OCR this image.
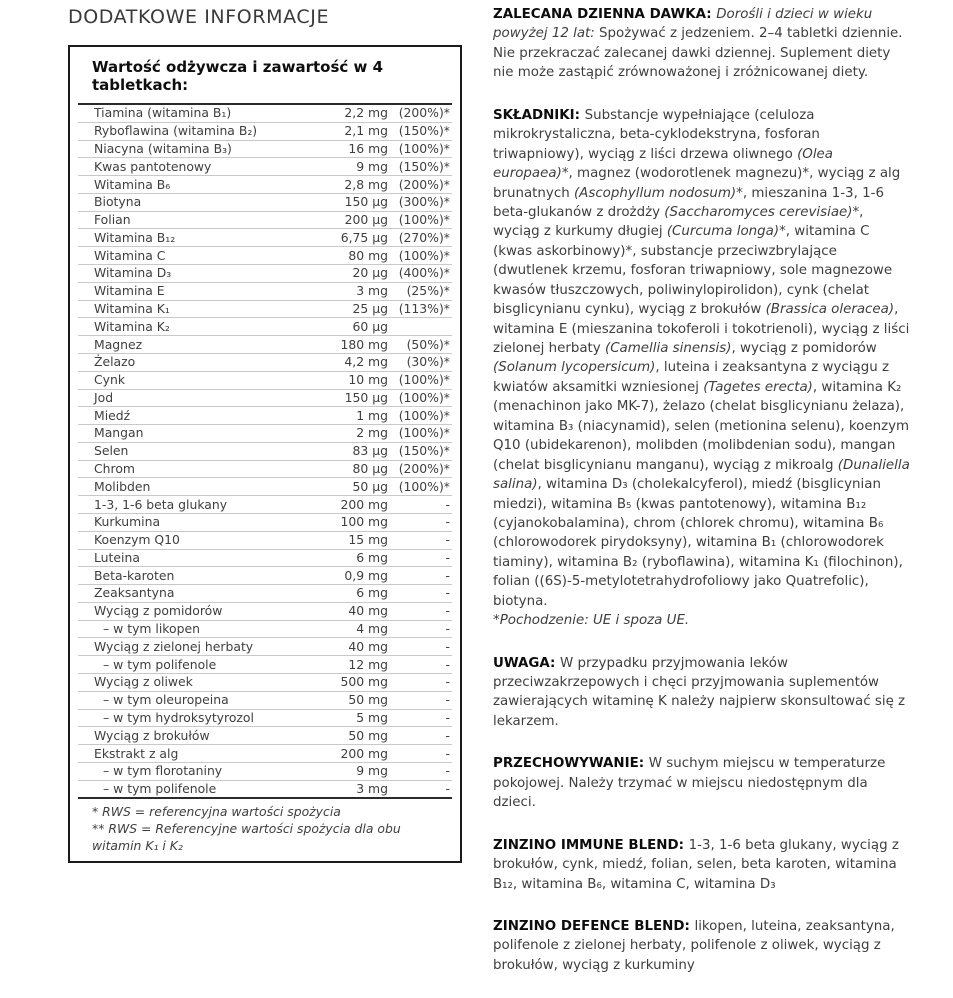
DODATKOWE INFORMACJE
Wartość odżywcza i zawartość w 4 tabletkach:		
Tiamina (witamina B₁)	2,2 mg	(200%)*
Ryboflawina (witamina B₂)	2,1 mg	(150%)*
Niacyna (witamina B₃)	16 mg	(100%)*
Kwas pantotenowy	9 mg	(150%)*
Witamina B₆	2,8 mg	(200%)*
Biotyna	150 µg	(300%)*
Folian	200 µg	(100%)*
Witamina B₁₂	6,75 µg	(270%)*
Witamina C	80 mg	(100%)*
Witamina D₃	20 µg	(400%)*
Witamina E	3 mg	(25%)*
Witamina K₁	25 µg	(113%)*
Witamina K₂	60 µg	
Magnez	180 mg	(50%)*
Żelazo	4,2 mg	(30%)*
Cynk	10 mg	(100%)*
Jod	150 µg	(100%)*
Miedź	1 mg	(100%)*
Mangan	2 mg	(100%)*
Selen	83 µg	(150%)*
Chrom	80 µg	(200%)*
Molibden	50 µg	(100%)*
1-3, 1-6 beta glukany	200 mg	-
Kurkumina	100 mg	-
Koenzym Q10	15 mg	-
Luteina	6 mg	-
Beta-karoten	0,9 mg	-
Zeaksantyna	6 mg	-
Wyciąg z pomidorów	40 mg	-
– w tym likopen	4 mg	-
Wyciąg z zielonej herbaty	40 mg	-
– w tym polifenole	12 mg	-
Wyciąg z oliwek	500 mg	-
– w tym oleuropeina	50 mg	-
– w tym hydroksytyrozol	5 mg	-
Wyciąg z brokułów	50 mg	-
Ekstrakt z alg	200 mg	-
– w tym florotaniny	9 mg	-
– w tym polifenole	3 mg	-
* RWS = referencyjna wartości spożycia
** RWS = Referencyjne wartości spożycia dla obu witamin K₁ i K₂

ZALECANA DZIENNA DAWKA: Dorośli i dzieci w wieku powyżej 12 lat: Spożywać z jedzeniem. 2–4 tabletki dziennie. Nie przekraczać zalecanej dawki dziennej. Suplement diety nie może zastąpić zrównoważonej i zróżnicowanej diety.

SKŁADNIKI: Substancje wypełniające (celuloza mikrokrystaliczna, beta-cyklodekstryna, fosforan triwapniowy), wyciąg z liści drzewa oliwnego (Olea europaea)*, magnez (wodorotlenek magnezu)*, wyciąg z alg brunatnych (Ascophyllum nodosum)*, mieszanina 1-3, 1-6 beta-glukanów z drożdży (Saccharomyces cerevisiae)*, wyciąg z kurkumy długiej (Curcuma longa)*, witamina C (kwas askorbinowy)*, substancje przeciwzbrylające (dwutlenek krzemu, fosforan triwapniowy, sole magnezowe kwasów tłuszczowych, poliwinylopirolidon), cynk (chelat bisglicynianu cynku), wyciąg z brokułów (Brassica oleracea), witamina E (mieszanina tokoferoli i tokotrienoli), wyciąg z liści zielonej herbaty (Camellia sinensis), wyciąg z pomidorów (Solanum lycopersicum), luteina i zeaksantyna z wyciągu z kwiatów aksamitki wzniesionej (Tagetes erecta), witamina K₂ (menachinon jako MK-7), żelazo (chelat bisglicynianu żelaza), witamina B₃ (niacynamid), selen (metionina selenu), koenzym Q10 (ubidekarenon), molibden (molibdenian sodu), mangan (chelat bisglicynianu manganu), wyciąg z mikroalg (Dunaliella salina), witamina D₃ (cholekalcyferol), miedź (bisglicynian miedzi), witamina B₅ (kwas pantotenowy), witamina B₁₂ (cyjanokobalamina), chrom (chlorek chromu), witamina B₆ (chlorowodorek pirydoksyny), witamina B₁ (chlorowodorek tiaminy), witamina B₂ (ryboflawina), witamina K₁ (filochinon), folian ((6S)-5-metylotetrahydrofoliowy jako Quatrefolic), biotyna.

*Pochodzenie: UE i spoza UE.

UWAGA: W przypadku przyjmowania leków przeciwzakrzepowych i chęci przyjmowania suplementów zawierających witaminę K należy najpierw skonsultować się z lekarzem.

PRZECHOWYWANIE: W suchym miejscu w temperaturze pokojowej. Należy trzymać w miejscu niedostępnym dla dzieci.

ZINZINO IMMUNE BLEND: 1-3, 1-6 beta glukany, wyciąg z brokułów, cynk, miedź, folian, selen, beta karoten, witamina B₁₂, witamina B₆, witamina C, witamina D₃

ZINZINO DEFENCE BLEND: likopen, luteina, zeaksantyna, polifenole z zielonej herbaty, polifenole z oliwek, wyciąg z brokułów, wyciąg z kurkuminy
